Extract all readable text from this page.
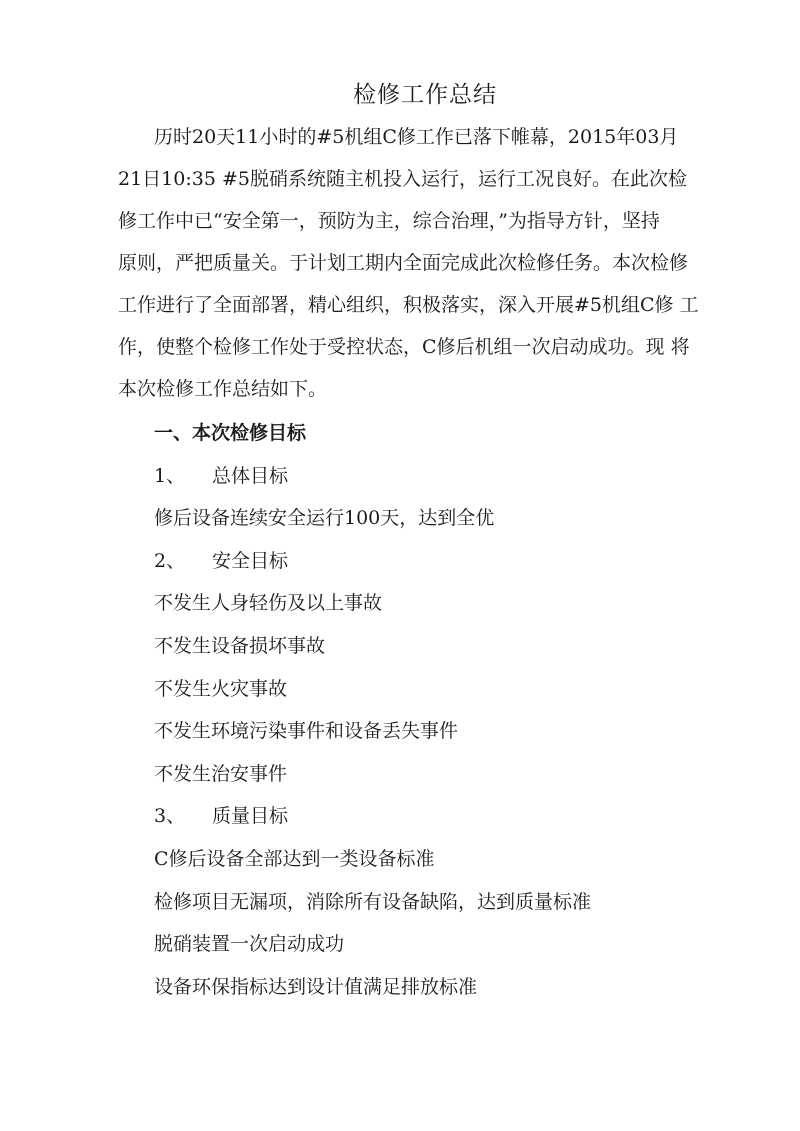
检修工作总结
历时20天11小时的#5机组C修工作已落下帷幕，2015年03月
21日10:35 #5脱硝系统随主机投入运行，运行工况良好。在此次检
修工作中已“安全第一，预防为主，综合治理，”为指导方针，坚持
原则，严把质量关。于计划工期内全面完成此次检修任务。本次检修
工作进行了全面部署，精心组织，积极落实，深入开展#5机组C修 工
作，使整个检修工作处于受控状态，C修后机组一次启动成功。现 将
本次检修工作总结如下。
一、本次检修目标
1、 总体目标
修后设备连续安全运行100天，达到全优
2、 安全目标
不发生人身轻伤及以上事故
不发生设备损坏事故
不发生火灾事故
不发生环境污染事件和设备丢失事件
不发生治安事件
3、 质量目标
C修后设备全部达到一类设备标准
检修项目无漏项，消除所有设备缺陷，达到质量标准
脱硝装置一次启动成功
设备环保指标达到设计值满足排放标准
